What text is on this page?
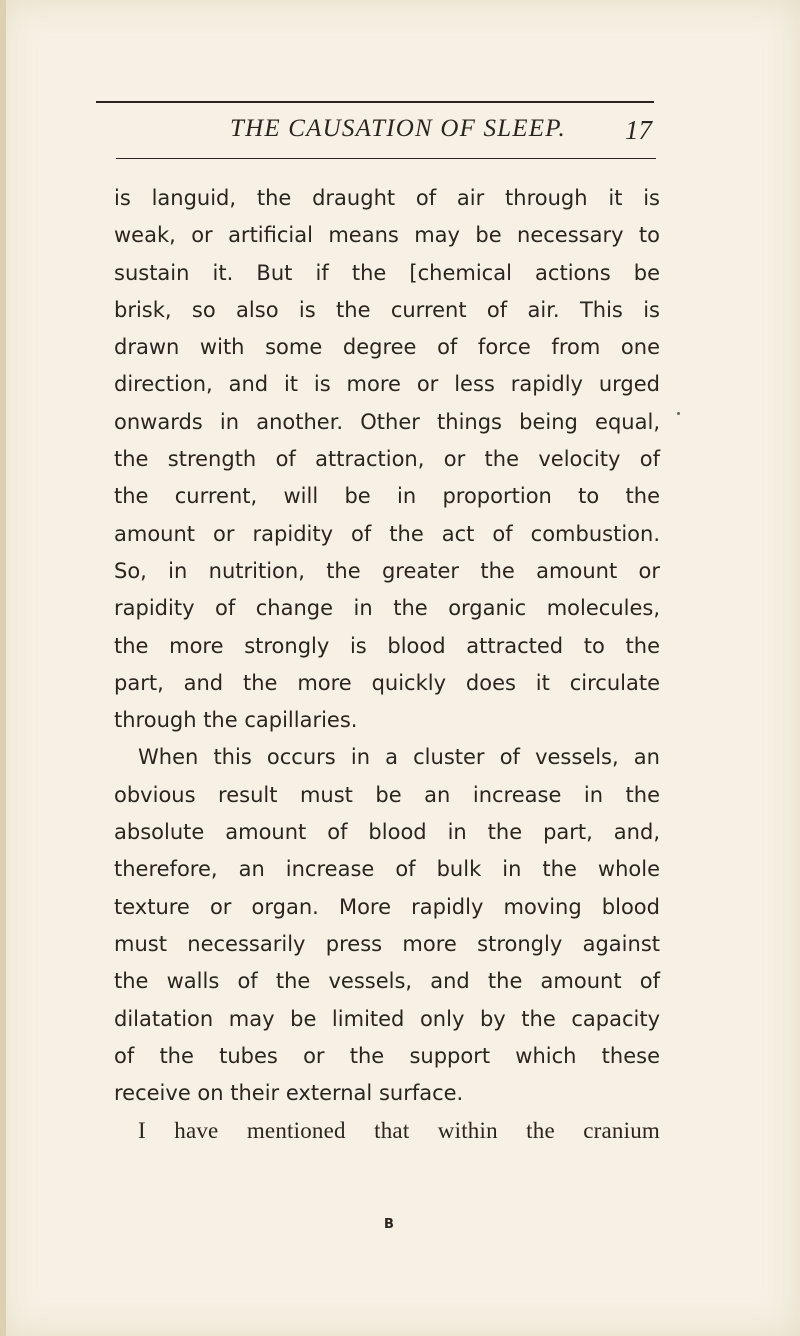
THE CAUSATION OF SLEEP. 17
is languid, the draught of air through it is
weak, or artificial means may be necessary to
sustain it. But if the [chemical actions be
brisk, so also is the current of air. This is
drawn with some degree of force from one
direction, and it is more or less rapidly urged
onwards in another. Other things being equal,
the strength of attraction, or the velocity of
the current, will be in proportion to the
amount or rapidity of the act of combustion.
So, in nutrition, the greater the amount or
rapidity of change in the organic molecules,
the more strongly is blood attracted to the
part, and the more quickly does it circulate
through the capillaries.
When this occurs in a cluster of vessels, an
obvious result must be an increase in the
absolute amount of blood in the part, and,
therefore, an increase of bulk in the whole
texture or organ. More rapidly moving blood
must necessarily press more strongly against
the walls of the vessels, and the amount of
dilatation may be limited only by the capacity
of the tubes or the support which these
receive on their external surface.
I have mentioned that within the cranium
B
